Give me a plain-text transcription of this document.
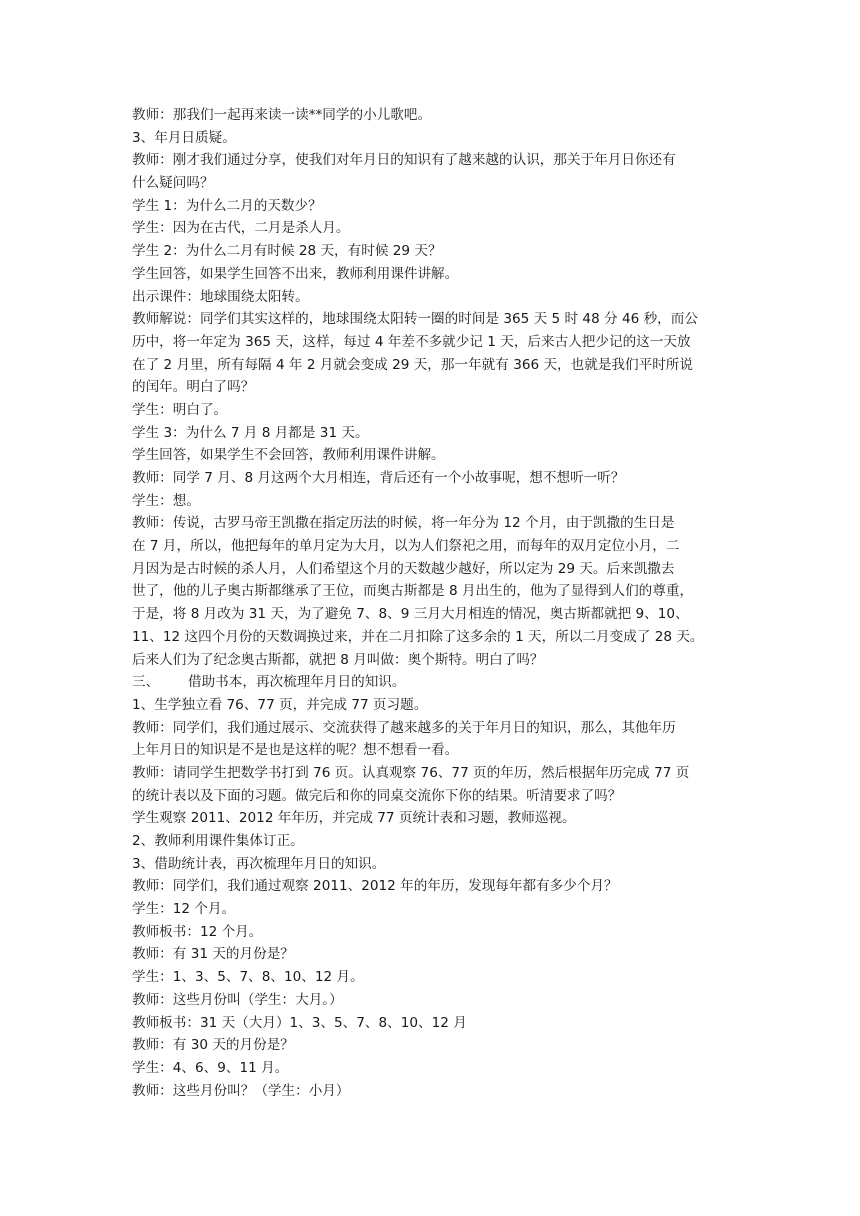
教师：那我们一起再来读一读**同学的小儿歌吧。
3、年月日质疑。
教师：刚才我们通过分享，使我们对年月日的知识有了越来越的认识，那关于年月日你还有
什么疑问吗？
学生 1：为什么二月的天数少？
学生：因为在古代，二月是杀人月。
学生 2：为什么二月有时候 28 天，有时候 29 天？
学生回答，如果学生回答不出来，教师利用课件讲解。
出示课件：地球围绕太阳转。
教师解说：同学们其实这样的，地球围绕太阳转一圈的时间是 365 天 5 时 48 分 46 秒，而公
历中，将一年定为 365 天，这样，每过 4 年差不多就少记 1 天，后来古人把少记的这一天放
在了 2 月里，所有每隔 4 年 2 月就会变成 29 天，那一年就有 366 天，也就是我们平时所说
的闰年。明白了吗？
学生：明白了。
学生 3：为什么 7 月 8 月都是 31 天。
学生回答，如果学生不会回答，教师利用课件讲解。
教师：同学 7 月、8 月这两个大月相连，背后还有一个小故事呢，想不想听一听？
学生：想。
教师：传说，古罗马帝王凯撒在指定历法的时候，将一年分为 12 个月，由于凯撒的生日是
在 7 月，所以，他把每年的单月定为大月，以为人们祭祀之用，而每年的双月定位小月，二
月因为是古时候的杀人月，人们希望这个月的天数越少越好，所以定为 29 天。后来凯撒去
世了，他的儿子奥古斯都继承了王位，而奥古斯都是 8 月出生的，他为了显得到人们的尊重，
于是，将 8 月改为 31 天，为了避免 7、8、9 三月大月相连的情况，奥古斯都就把 9、10、
11、12 这四个月份的天数调换过来，并在二月扣除了这多余的 1 天，所以二月变成了 28 天。
后来人们为了纪念奥古斯都，就把 8 月叫做：奥个斯特。明白了吗？
三、 借助书本，再次梳理年月日的知识。
1、生学独立看 76、77 页，并完成 77 页习题。
教师：同学们，我们通过展示、交流获得了越来越多的关于年月日的知识，那么，其他年历
上年月日的知识是不是也是这样的呢？想不想看一看。
教师：请同学生把数学书打到 76 页。认真观察 76、77 页的年历，然后根据年历完成 77 页
的统计表以及下面的习题。做完后和你的同桌交流你下你的结果。听清要求了吗？
学生观察 2011、2012 年年历，并完成 77 页统计表和习题，教师巡视。
2、教师利用课件集体订正。
3、借助统计表，再次梳理年月日的知识。
教师：同学们，我们通过观察 2011、2012 年的年历，发现每年都有多少个月？
学生：12 个月。
教师板书：12 个月。
教师：有 31 天的月份是？
学生：1、3、5、7、8、10、12 月。
教师：这些月份叫（学生：大月。）
教师板书：31 天（大月）1、3、5、7、8、10、12 月
教师：有 30 天的月份是？
学生：4、6、9、11 月。
教师：这些月份叫？（学生：小月）
